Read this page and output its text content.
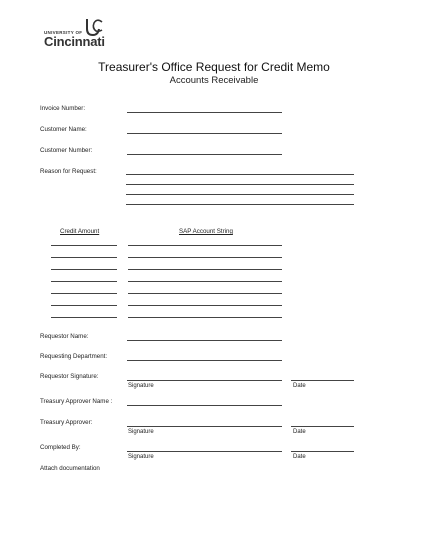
UNIVERSITY OF
Cincinnati
Treasurer's Office Request for Credit Memo
Accounts Receivable
Invoice Number:
Customer Name:
Customer Number:
Reason for Request:
Credit Amount	SAP Account String
Requestor Name:
Requesting Department:
Requestor Signature:
Signature	Date
Treasury Approver Name :
Treasury Approver:
Signature	Date
Completed By:
Signature	Date
Attach documentation
